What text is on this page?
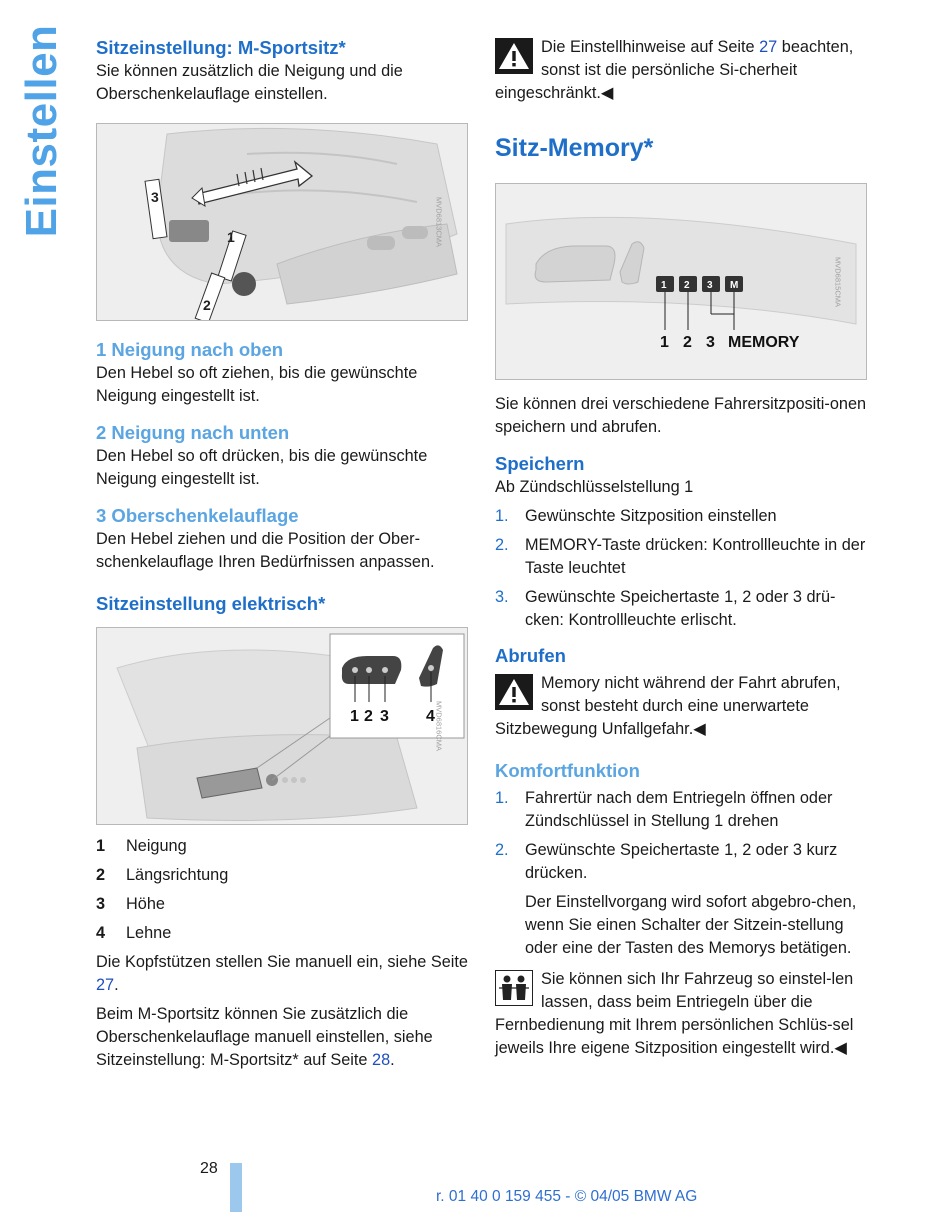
Einstellen Sitzeinstellung: M-Sportsitz*
Sie können zusätzlich die Neigung und die Oberschenkelauflage einstellen.
3
1
2
MVD6813CMA
1 Neigung nach oben
Den Hebel so oft ziehen, bis die gewünschte Neigung eingestellt ist.
2 Neigung nach unten
Den Hebel so oft drücken, bis die gewünschte Neigung eingestellt ist.
3 Oberschenkelauflage
Den Hebel ziehen und die Position der Ober-schenkelauflage Ihren Bedürfnissen anpassen.
Sitzeinstellung elektrisch*
1 2 3 4 MVD6816CMA
1	Neigung
2	Längsrichtung
3	Höhe
4	Lehne
Die Kopfstützen stellen Sie manuell ein, siehe Seite 27.
Beim M-Sportsitz können Sie zusätzlich die Oberschenkelauflage manuell einstellen, siehe Sitzeinstellung: M-Sportsitz* auf Seite 28.
Die Einstellhinweise auf Seite 27 beachten, sonst ist die persönliche Si-cherheit eingeschränkt.◀
Sitz-Memory*
1 2 3 M
1 2 3 MEMORY
MVD6815CMA
Sie können drei verschiedene Fahrersitzpositi-onen speichern und abrufen.
Speichern
Ab Zündschlüsselstellung 1
1.	Gewünschte Sitzposition einstellen
2.	MEMORY-Taste drücken: Kontrollleuchte in der Taste leuchtet
3.	Gewünschte Speichertaste 1, 2 oder 3 drü-cken: Kontrollleuchte erlischt.
Abrufen
Memory nicht während der Fahrt abrufen, sonst besteht durch eine unerwartete Sitzbewegung Unfallgefahr.◀
Komfortfunktion
1.	Fahrertür nach dem Entriegeln öffnen oder Zündschlüssel in Stellung 1 drehen
2.	Gewünschte Speichertaste 1, 2 oder 3 kurz drücken.
Der Einstellvorgang wird sofort abgebro-chen, wenn Sie einen Schalter der Sitzein-stellung oder eine der Tasten des Memorys betätigen.
Sie können sich Ihr Fahrzeug so einstel-len lassen, dass beim Entriegeln über die Fernbedienung mit Ihrem persönlichen Schlüs-sel jeweils Ihre eigene Sitzposition eingestellt wird.◀
28
r. 01 40 0 159 455 - © 04/05 BMW AG
